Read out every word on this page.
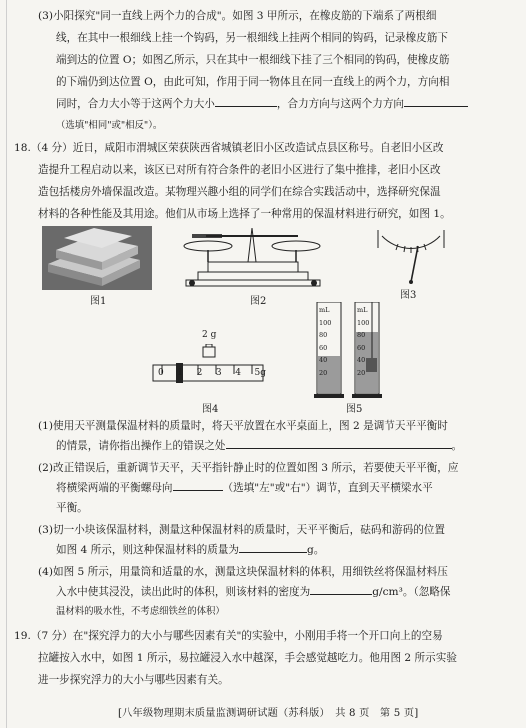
(3)小阳探究"同一直线上两个力的合成"。如图 3 甲所示，在橡皮筋的下端系了两根细
线，在其中一根细线上挂一个钩码，另一根细线上挂两个相同的钩码，记录橡皮筋下
端到达的位置 O；如图乙所示，只在其中一根细线下挂了三个相同的钩码，使橡皮筋
的下端仍到达位置 O，由此可知，作用于同一物体且在同一直线上的两个力，方向相
同时，合力大小等于这两个力大小	，合力方向与这两个力方向
（选填"相同"或"相反"）。
18.（4 分）近日，咸阳市渭城区荣获陕西省城镇老旧小区改造试点县区称号。自老旧小区改
造提升工程启动以来，该区已对所有符合条件的老旧小区进行了集中推排，老旧小区改
造包括楼房外墙保温改造。某物理兴趣小组的同学们在综合实践活动中，选择研究保温
材料的各种性能及其用途。他们从市场上选择了一种常用的保温材料进行研究，如图 1。
图1	图2
图3
2 g
0 1 2 3 4 5g
图4
mL
100
80
60
40
20
mL
100
80
60
40
20
图5
(1)使用天平测量保温材料的质量时，将天平放置在水平桌面上，图 2 是调节天平平衡时
的情景，请你指出操作上的错误之处	。
(2)改正错误后，重新调节天平，天平指针静止时的位置如图 3 所示，若要使天平平衡，应
将横梁两端的平衡螺母向	（选填"左"或"右"）调节，直到天平横梁水平
平衡。
(3)切一小块该保温材料，测量这种保温材料的质量时，天平平衡后，砝码和游码的位置
如图 4 所示，则这种保温材料的质量为	g。
(4)如图 5 所示，用量筒和适量的水，测量这块保温材料的体积，用细铁丝将保温材料压
入水中使其浸没，读出此时的体积，则该材料的密度为	g/cm³。（忽略保
温材料的吸水性，不考虑细铁丝的体积）
19.（7 分）在"探究浮力的大小与哪些因素有关"的实验中，小刚用手将一个开口向上的空易
拉罐按入水中，如图 1 所示，易拉罐浸入水中越深，手会感觉越吃力。他用图 2 所示实验
进一步探究浮力的大小与哪些因素有关。
[八年级物理期末质量监测调研试题（苏科版）　共 8 页　第 5 页]
